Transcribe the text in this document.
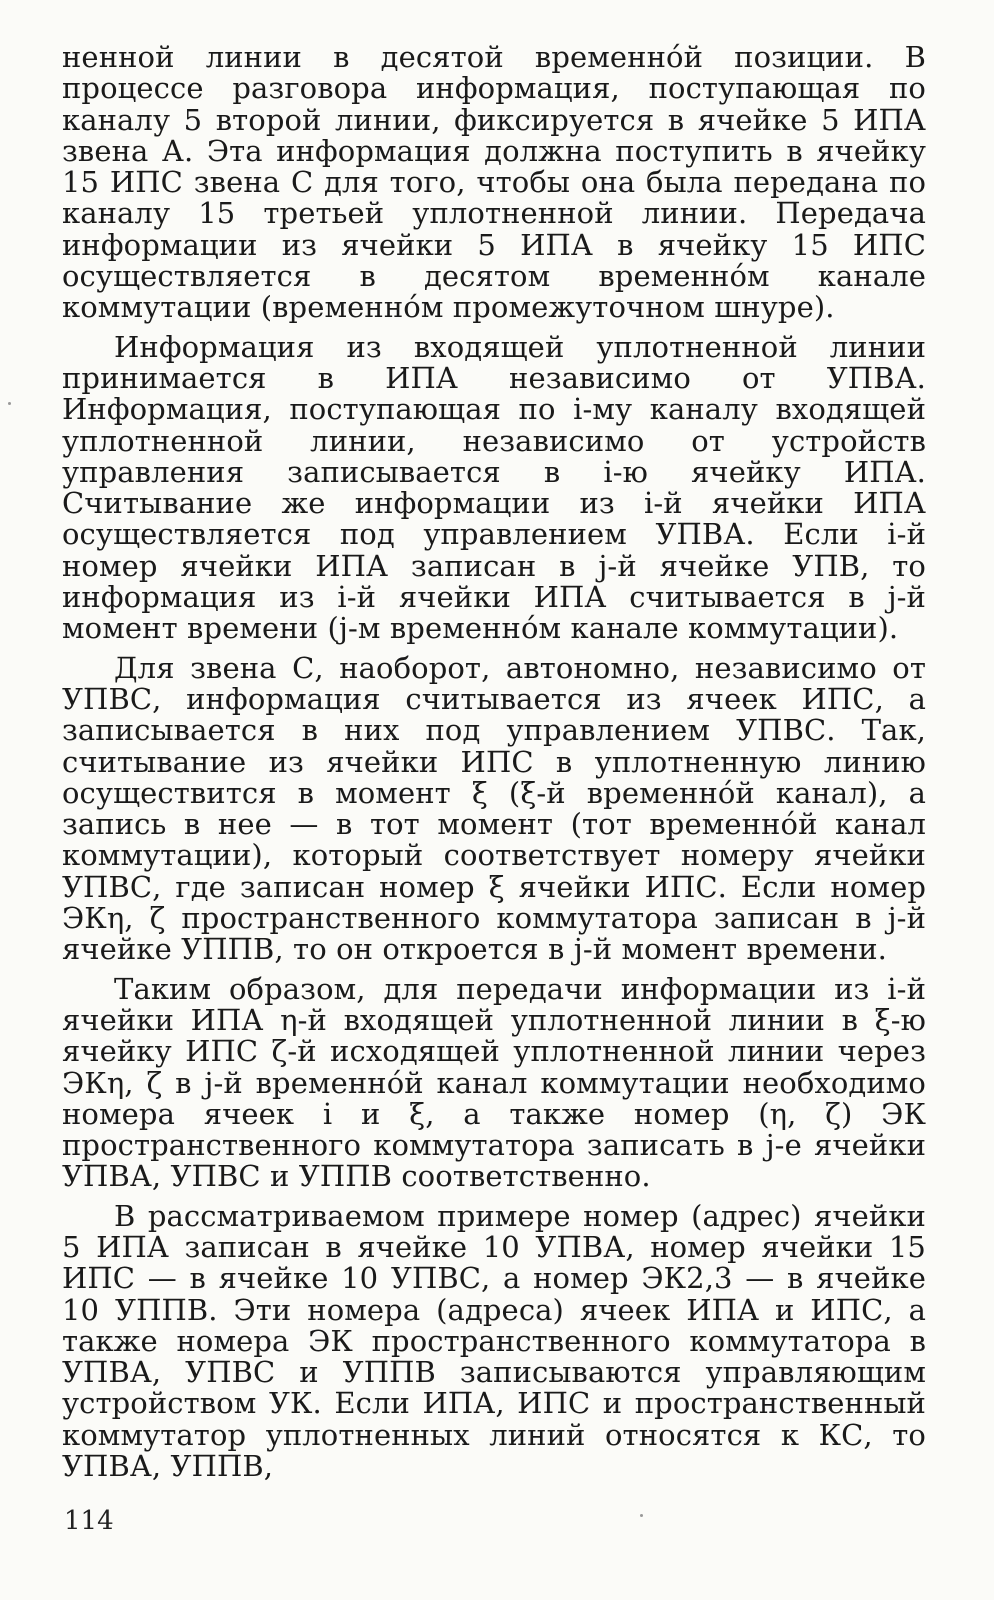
ненной линии в десятой временнóй позиции. В процессе разговора информация, поступающая по каналу 5 второй линии, фиксируется в ячейке 5 ИПА звена А. Эта информация должна поступить в ячейку 15 ИПС звена С для того, чтобы она была передана по каналу 15 третьей уплотненной линии. Передача информации из ячейки 5 ИПА в ячейку 15 ИПС осуществляется в десятом временнóм канале коммутации (временнóм промежуточном шнуре).

Информация из входящей уплотненной линии принимается в ИПА независимо от УПВА. Информация, поступающая по i-му каналу входящей уплотненной линии, независимо от устройств управления записывается в i-ю ячейку ИПА. Считывание же информации из i-й ячейки ИПА осуществляется под управлением УПВА. Если i-й номер ячейки ИПА записан в j-й ячейке УПВ, то информация из i-й ячейки ИПА считывается в j-й момент времени (j-м временнóм канале коммутации).

Для звена С, наоборот, автономно, независимо от УПВС, информация считывается из ячеек ИПС, а записывается в них под управлением УПВС. Так, считывание из ячейки ИПС в уплотненную линию осуществится в момент ξ (ξ-й временнóй канал), а запись в нее — в тот момент (тот временнóй канал коммутации), который соответствует номеру ячейки УПВС, где записан номер ξ ячейки ИПС. Если номер ЭКη, ζ пространственного коммутатора записан в j-й ячейке УППВ, то он откроется в j-й момент времени.

Таким образом, для передачи информации из i-й ячейки ИПА η-й входящей уплотненной линии в ξ-ю ячейку ИПС ζ-й исходящей уплотненной линии через ЭКη, ζ в j-й временнóй канал коммутации необходимо номера ячеек i и ξ, а также номер (η, ζ) ЭК пространственного коммутатора записать в j-е ячейки УПВА, УПВС и УППВ соответственно.

В рассматриваемом примере номер (адрес) ячейки 5 ИПА записан в ячейке 10 УПВА, номер ячейки 15 ИПС — в ячейке 10 УПВС, а номер ЭК2,3 — в ячейке 10 УППВ. Эти номера (адреса) ячеек ИПА и ИПС, а также номера ЭК пространственного коммутатора в УПВА, УПВС и УППВ записываются управляющим устройством УК. Если ИПА, ИПС и пространственный коммутатор уплотненных линий относятся к КС, то УПВА, УППВ,

114
